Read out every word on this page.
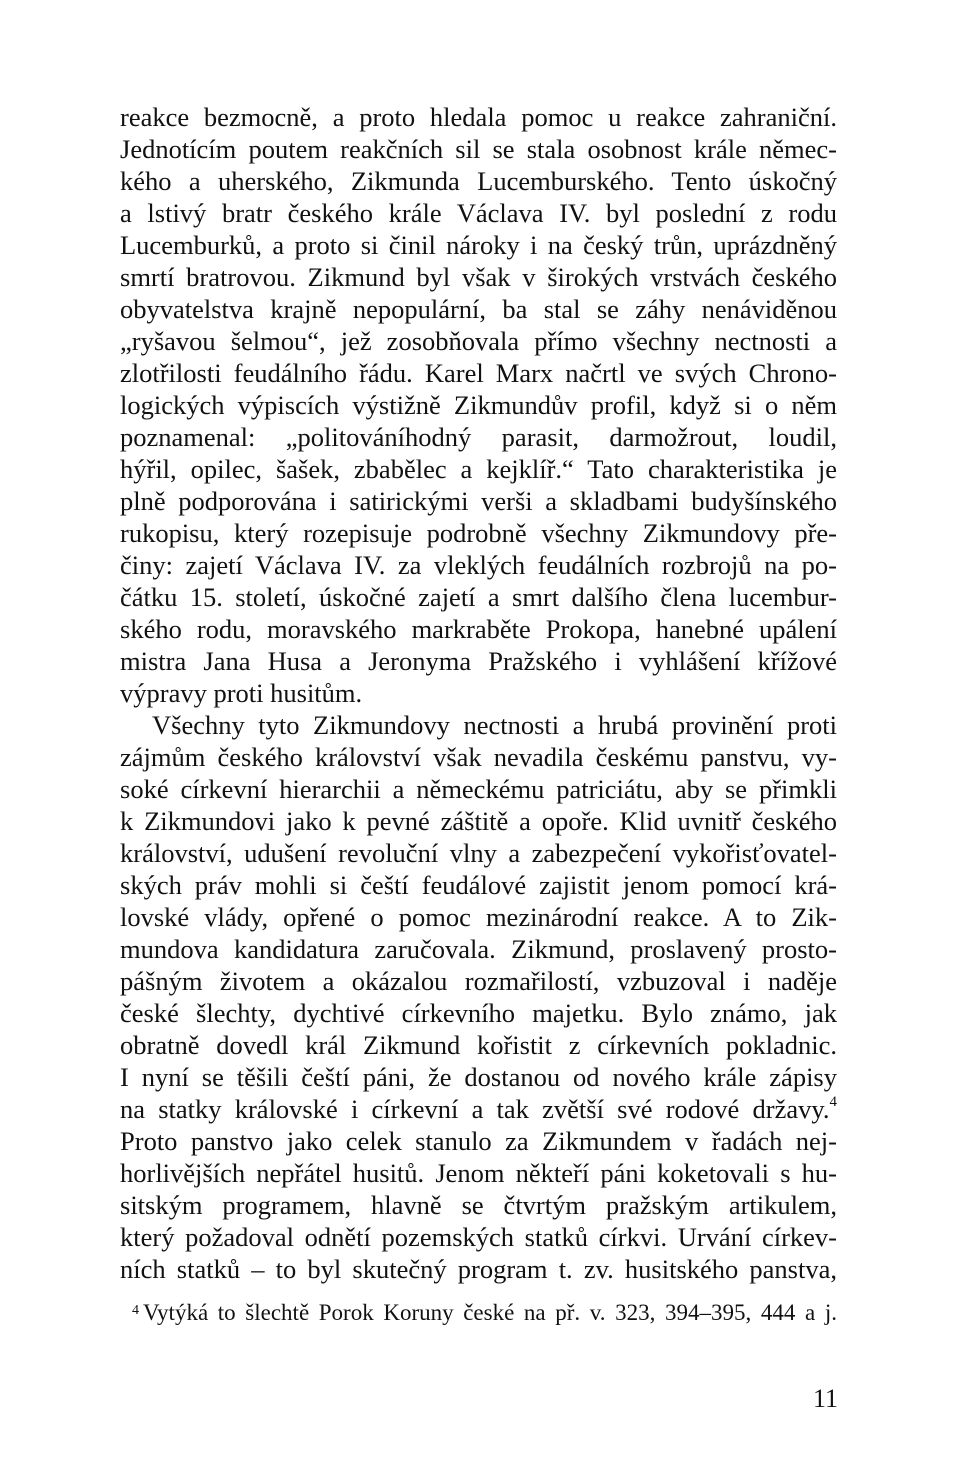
reakce bezmocně, a proto hledala pomoc u reakce zahraniční.
Jednotícím poutem reakčních sil se stala osobnost krále němec-
kého a uherského, Zikmunda Lucemburského. Tento úskočný
a lstivý bratr českého krále Václava IV. byl poslední z rodu
Lucemburků, a proto si činil nároky i na český trůn, uprázdněný
smrtí bratrovou. Zikmund byl však v širokých vrstvách českého
obyvatelstva krajně nepopulární, ba stal se záhy nenáviděnou
„ryšavou šelmou“, jež zosobňovala přímo všechny nectnosti a
zlotřilosti feudálního řádu. Karel Marx načrtl ve svých Chrono-
logických výpiscích výstižně Zikmundův profil, když si o něm
poznamenal: „politováníhodný parasit, darmožrout, loudil,
hýřil, opilec, šašek, zbabělec a kejklíř.“ Tato charakteristika je
plně podporována i satirickými verši a skladbami budyšínského
rukopisu, který rozepisuje podrobně všechny Zikmundovy pře-
činy: zajetí Václava IV. za vleklých feudálních rozbrojů na po-
čátku 15. století, úskočné zajetí a smrt dalšího člena lucembur-
ského rodu, moravského markraběte Prokopa, hanebné upálení
mistra Jana Husa a Jeronyma Pražského i vyhlášení křížové
výpravy proti husitům.
Všechny tyto Zikmundovy nectnosti a hrubá provinění proti
zájmům českého království však nevadila českému panstvu, vy-
soké církevní hierarchii a německému patriciátu, aby se přimkli
k Zikmundovi jako k pevné záštitě a opoře. Klid uvnitř českého
království, udušení revoluční vlny a zabezpečení vykořisťovatel-
ských práv mohli si čeští feudálové zajistit jenom pomocí krá-
lovské vlády, opřené o pomoc mezinárodní reakce. A to Zik-
mundova kandidatura zaručovala. Zikmund, proslavený prosto-
pášným životem a okázalou rozmařilostí, vzbuzoval i naděje
české šlechty, dychtivé církevního majetku. Bylo známo, jak
obratně dovedl král Zikmund kořistit z církevních pokladnic.
I nyní se těšili čeští páni, že dostanou od nového krále zápisy
na statky královské i církevní a tak zvětší své rodové državy.$^4$
Proto panstvo jako celek stanulo za Zikmundem v řadách nej-
horlivějších nepřátel husitů. Jenom někteří páni koketovali s hu-
sitským programem, hlavně se čtvrtým pražským artikulem,
který požadoval odnětí pozemských statků církvi. Urvání církev-
ních statků – to byl skutečný program t. zv. husitského panstva,
$^4$ Vytýká to šlechtě Porok Koruny české na př. v. 323, 394–395, 444 a j.
11
